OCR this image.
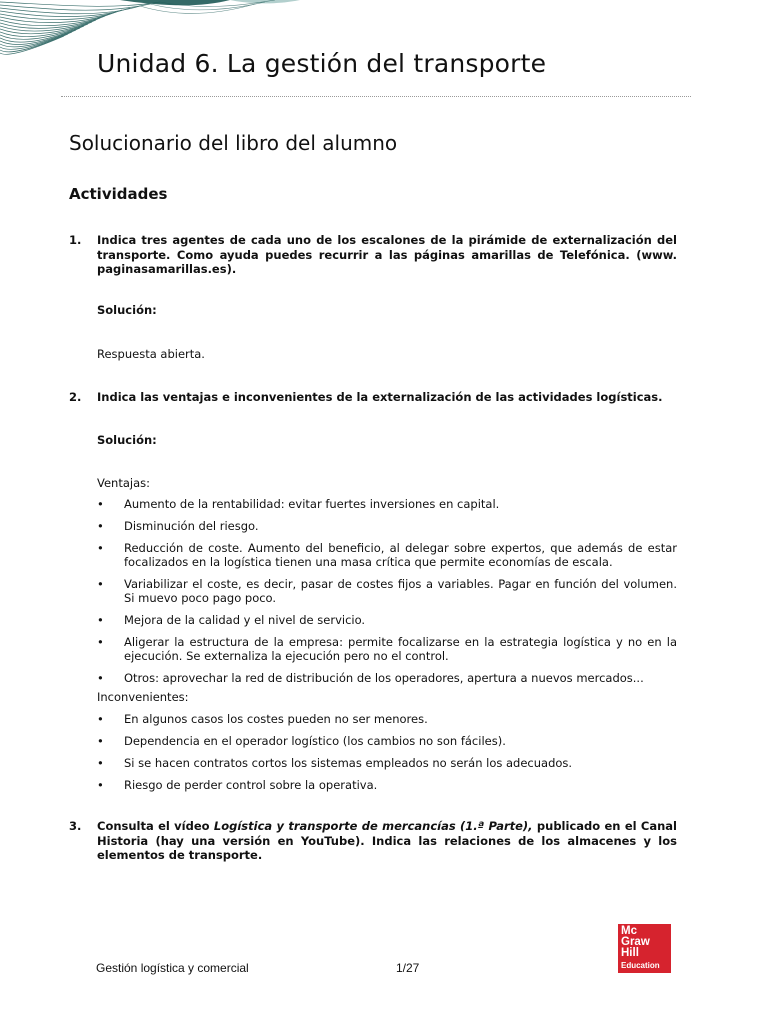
Unidad 6. La gestión del transporte
Solucionario del libro del alumno
Actividades
1. Indica tres agentes de cada uno de los escalones de la pirámide de externalización del transporte. Como ayuda puedes recurrir a las páginas amarillas de Telefónica. (www. paginasamarillas.es).
Solución:
Respuesta abierta.
2. Indica las ventajas e inconvenientes de la externalización de las actividades logísticas.
Solución:
Ventajas:
• Aumento de la rentabilidad: evitar fuertes inversiones en capital.
• Disminución del riesgo.
• Reducción de coste. Aumento del beneficio, al delegar sobre expertos, que además de estar focalizados en la logística tienen una masa crítica que permite economías de escala.
• Variabilizar el coste, es decir, pasar de costes fijos a variables. Pagar en función del volumen. Si muevo poco pago poco.
• Mejora de la calidad y el nivel de servicio.
• Aligerar la estructura de la empresa: permite focalizarse en la estrategia logística y no en la ejecución. Se externaliza la ejecución pero no el control.
• Otros: aprovechar la red de distribución de los operadores, apertura a nuevos mercados...
Inconvenientes:
• En algunos casos los costes pueden no ser menores.
• Dependencia en el operador logístico (los cambios no son fáciles).
• Si se hacen contratos cortos los sistemas empleados no serán los adecuados.
• Riesgo de perder control sobre la operativa.
3. Consulta el vídeo Logística y transporte de mercancías (1.ª Parte), publicado en el Canal Historia (hay una versión en YouTube). Indica las relaciones de los almacenes y los elementos de transporte.
Gestión logística y comercial	1/27
Mc
Graw
Hill
Education
